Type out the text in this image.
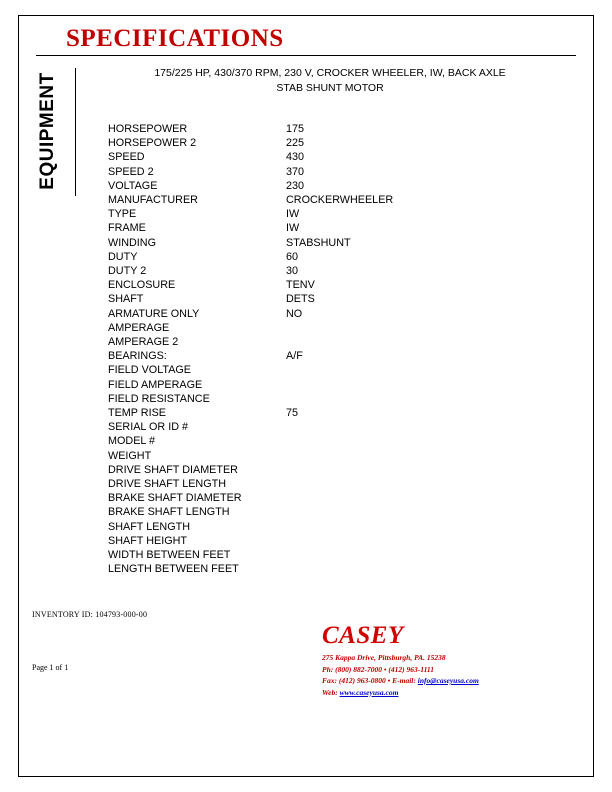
SPECIFICATIONS
EQUIPMENT	175/225 HP, 430/370 RPM, 230 V, CROCKER WHEELER, IW, BACK AXLE
STAB SHUNT MOTOR
HORSEPOWER	175
HORSEPOWER 2	225
SPEED	430
SPEED 2	370
VOLTAGE	230
MANUFACTURER	CROCKERWHEELER
TYPE	IW
FRAME	IW
WINDING	STABSHUNT
DUTY	60
DUTY 2	30
ENCLOSURE	TENV
SHAFT	DETS
ARMATURE ONLY	NO
AMPERAGE	
AMPERAGE 2	
BEARINGS:	A/F
FIELD VOLTAGE	
FIELD AMPERAGE	
FIELD RESISTANCE	
TEMP RISE	75
SERIAL OR ID #	
MODEL #	
WEIGHT	
DRIVE SHAFT DIAMETER	
DRIVE SHAFT LENGTH	
BRAKE SHAFT DIAMETER	
BRAKE SHAFT LENGTH	
SHAFT LENGTH	
SHAFT HEIGHT	
WIDTH BETWEEN FEET	
LENGTH BETWEEN FEET	
INVENTORY ID: 104793-000-00
Page 1 of 1
CASEY
275 Kappa Drive, Pittsburgh, PA. 15238
Ph: (800) 882-7000 • (412) 963-1111
Fax: (412) 963-0800 • E-mail: info@caseyusa.com
Web: www.caseyusa.com
